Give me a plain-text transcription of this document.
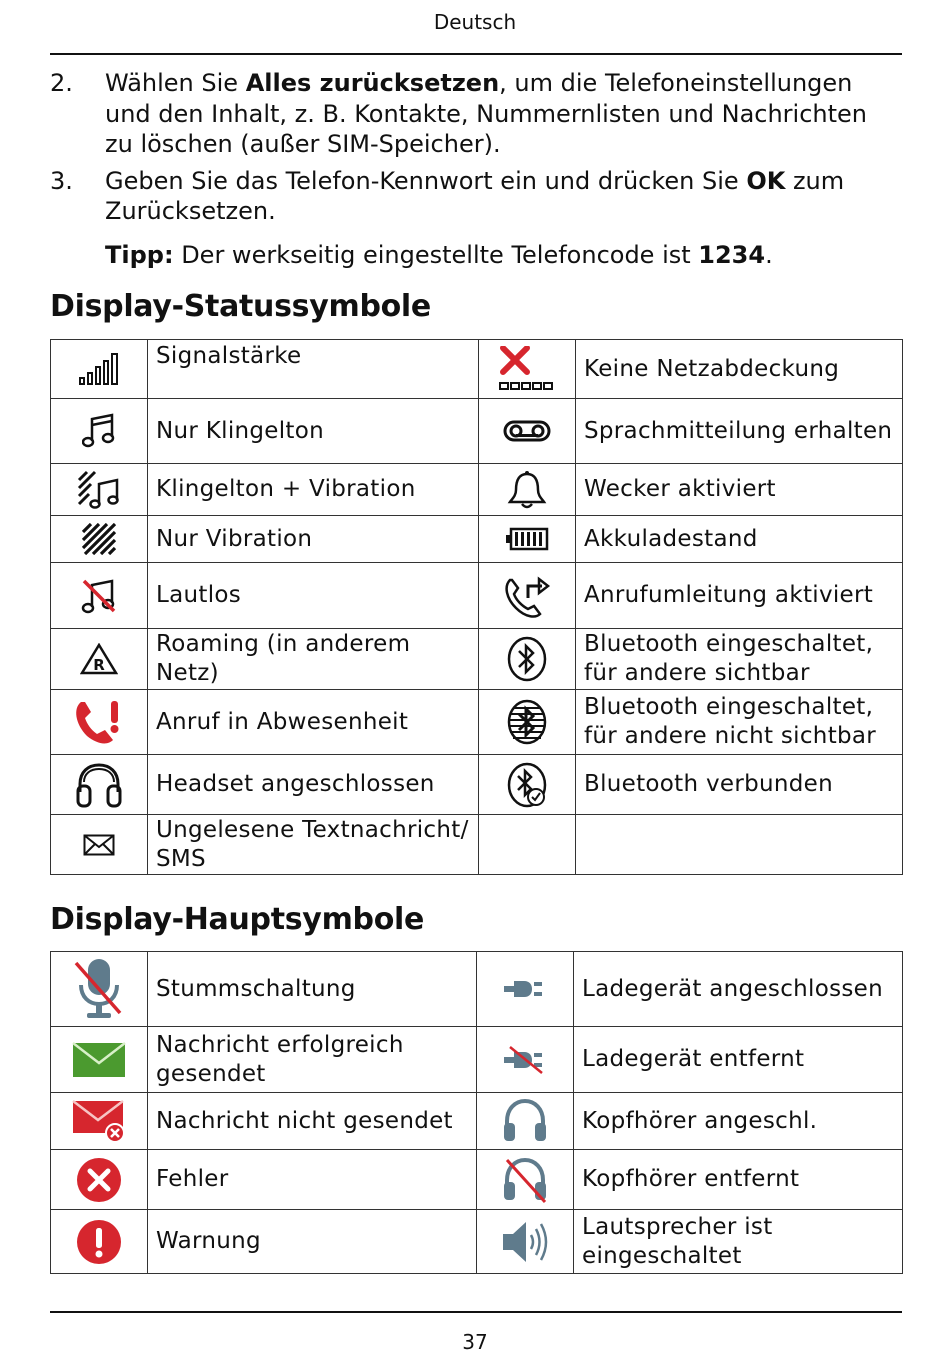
Deutsch
2.	Wählen Sie Alles zurücksetzen, um die Telefoneinstellungen und den Inhalt, z. B. Kontakte, Nummernlisten und Nachrichten zu löschen (außer SIM-Speicher).
3.	Geben Sie das Telefon-Kennwort ein und drücken Sie OK zum Zurücksetzen.
Tipp: Der werkseitig eingestellte Telefoncode ist 1234.
Display-Statussymbole
	Signalstärke		Keine Netzabdeckung

	Nur Klingelton		Sprachmitteilung erhalten

	Klingelton + Vibration		Wecker aktiviert

	Nur Vibration		Akkuladestand

	Lautlos		Anrufumleitung aktiviert

R	Roaming (in anderem Netz)		Bluetooth eingeschaltet, für andere sichtbar

	Anruf in Abwesenheit		Bluetooth eingeschaltet, für andere nicht sichtbar

	Headset angeschlossen		Bluetooth verbunden

	Ungelesene Textnachricht/ SMS		
Display-Hauptsymbole
	Stummschaltung		Ladegerät angeschlossen

	Nachricht erfolgreich gesendet		Ladegerät entfernt

	Nachricht nicht gesendet		Kopfhörer angeschl.

	Fehler		Kopfhörer entfernt

	Warnung		Lautsprecher ist eingeschaltet
37
